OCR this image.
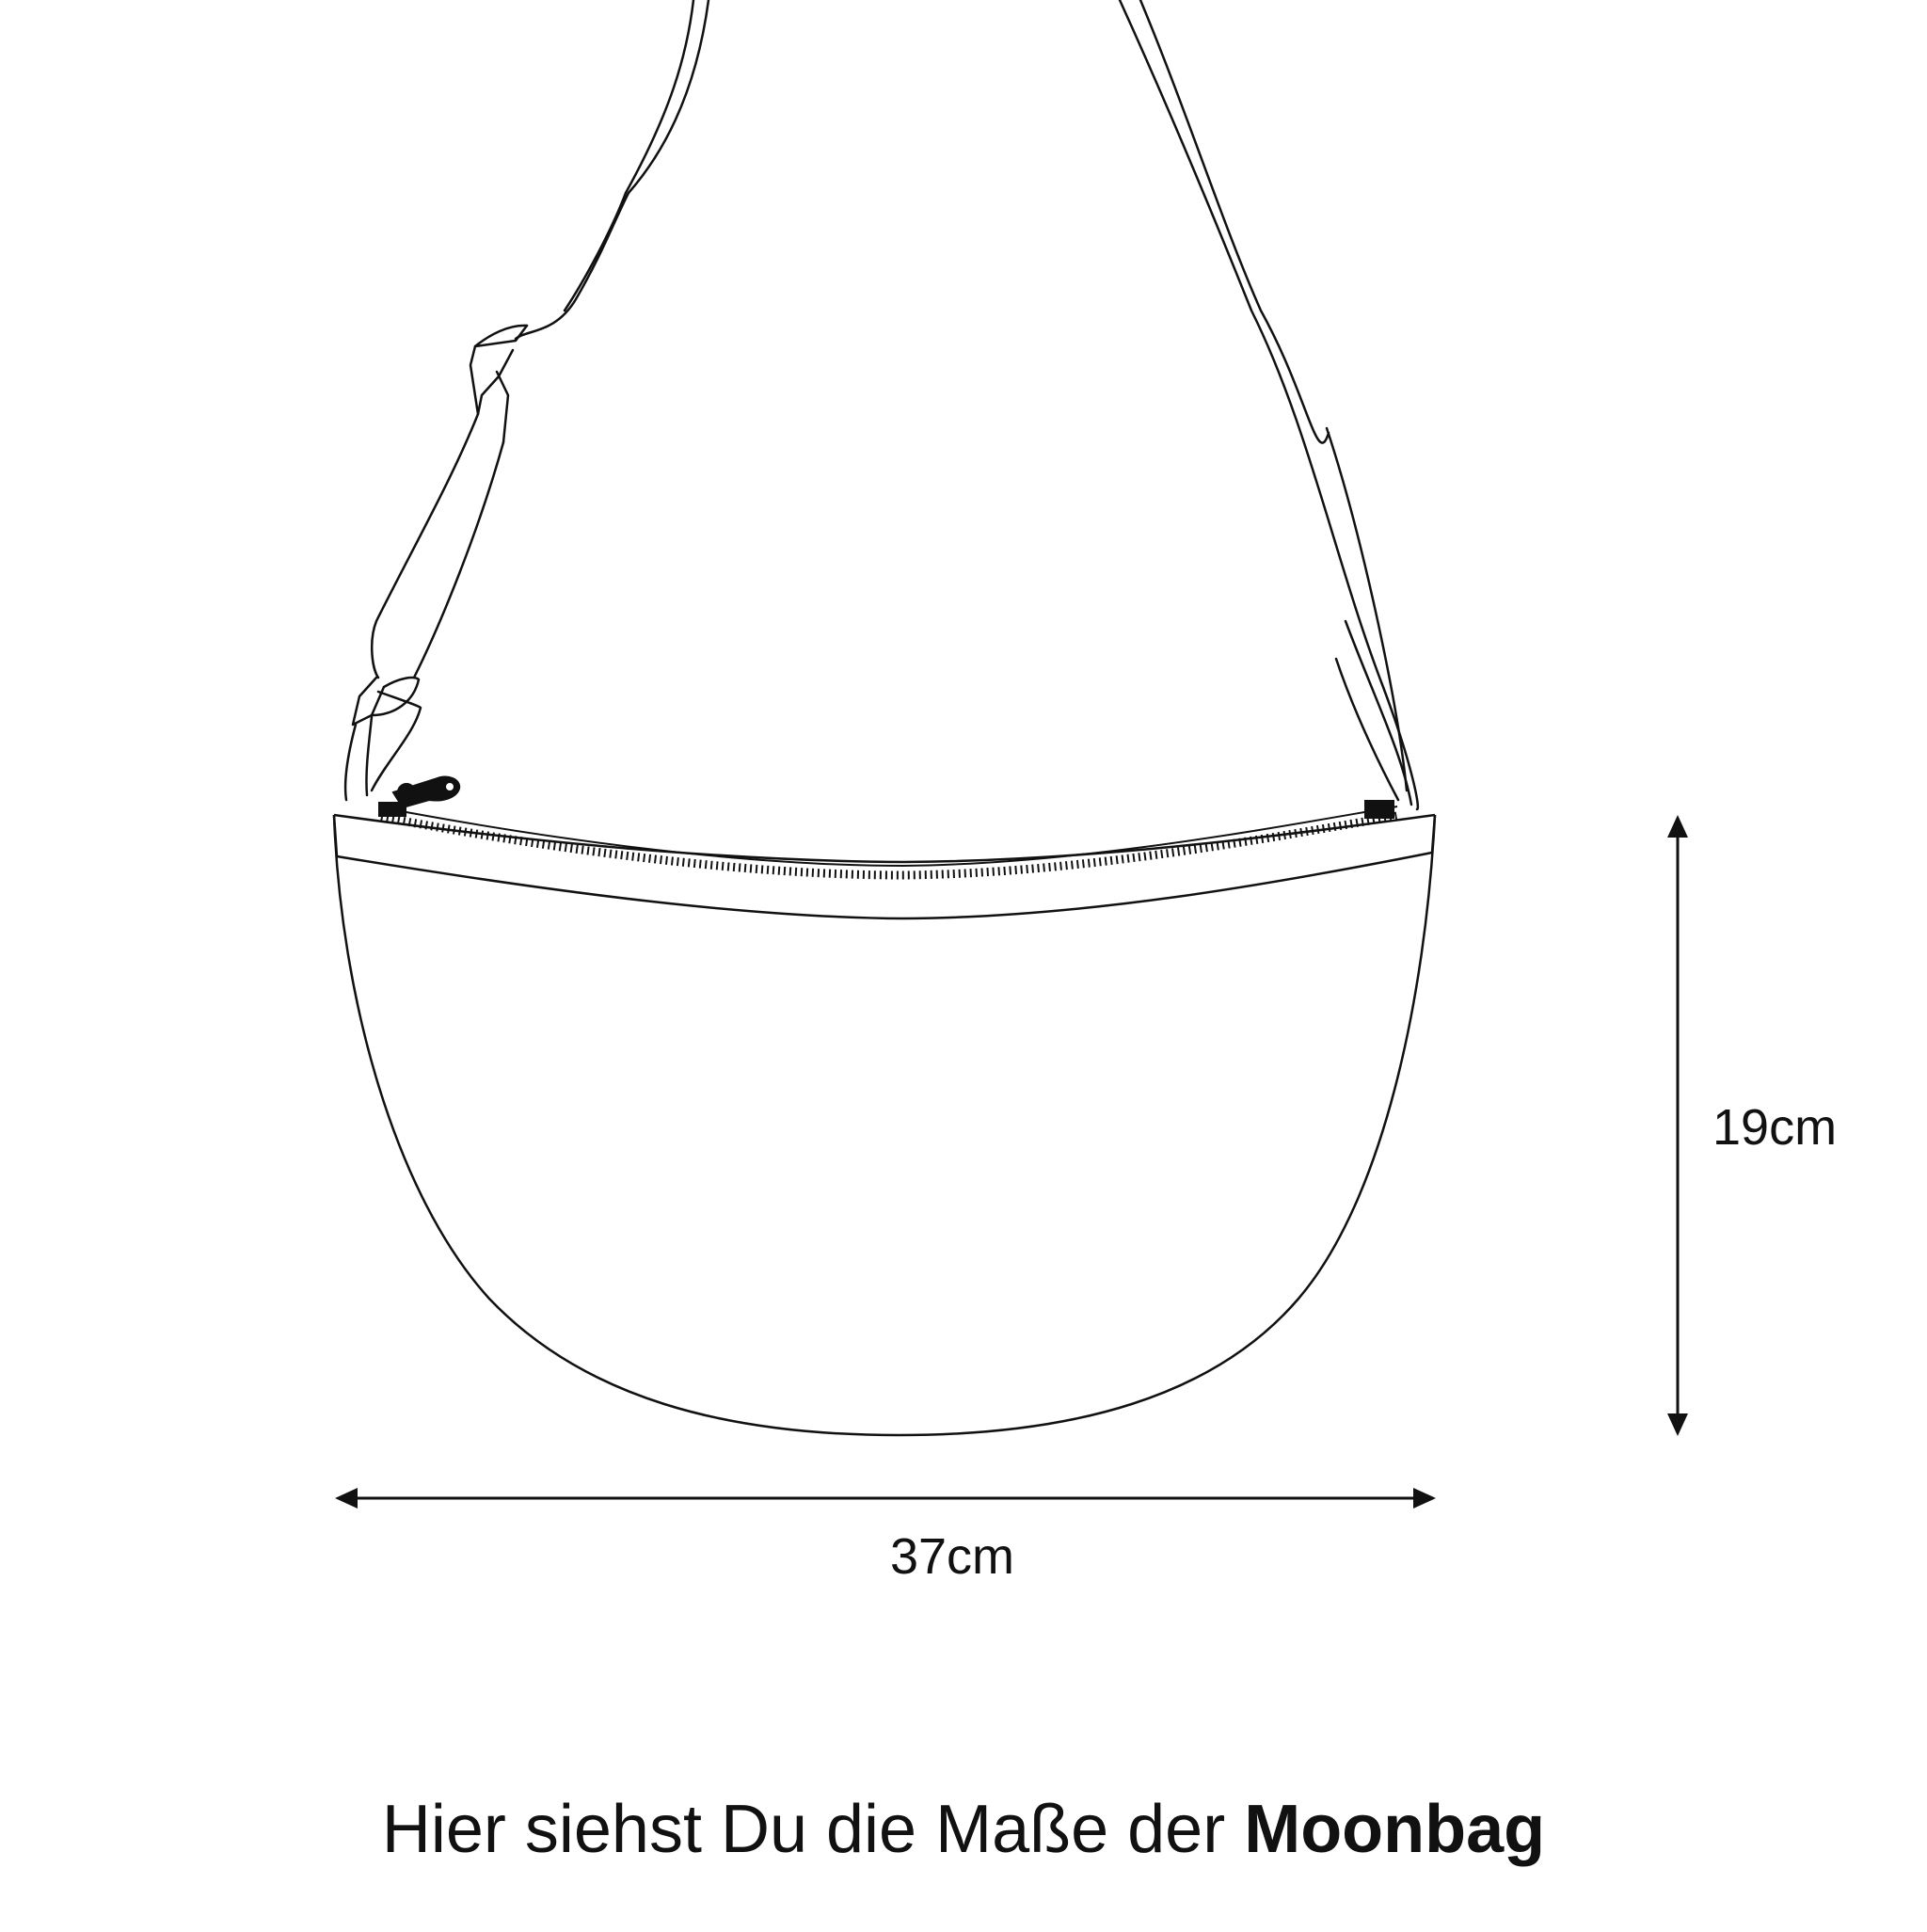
19cm
37cm
Hier siehst Du die Maße der Moonbag
